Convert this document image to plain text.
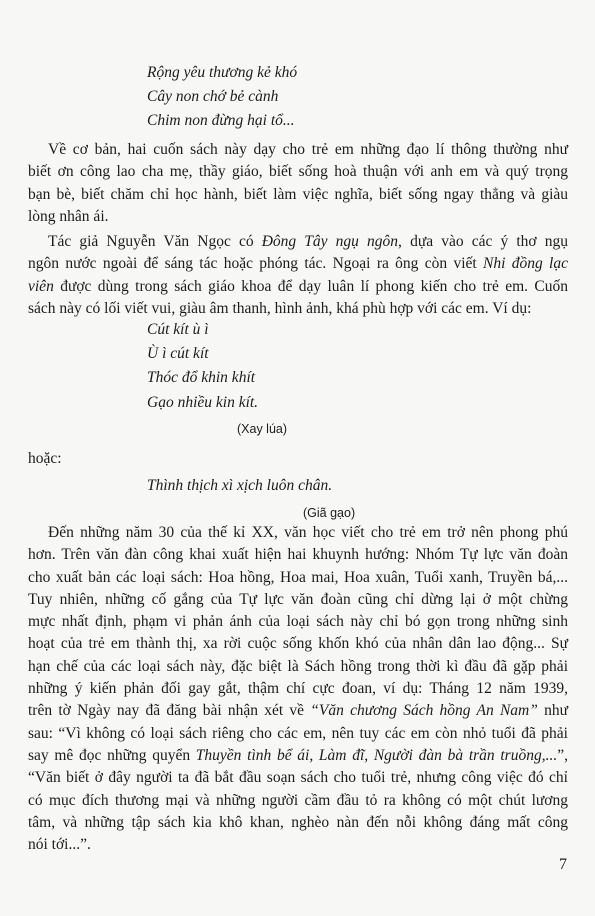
Rộng yêu thương kẻ khó
Cây non chớ bẻ cành
Chim non đừng hại tổ...
Về cơ bản, hai cuốn sách này dạy cho trẻ em những đạo lí thông thường như
biết ơn công lao cha mẹ, thầy giáo, biết sống hoà thuận với anh em và quý trọng
bạn bè, biết chăm chỉ học hành, biết làm việc nghĩa, biết sống ngay thẳng và giàu
lòng nhân ái.
Tác giả Nguyễn Văn Ngọc có Đông Tây ngụ ngôn, dựa vào các ý thơ ngụ
ngôn nước ngoài để sáng tác hoặc phóng tác. Ngoại ra ông còn viết Nhi đồng lạc
viên được dùng trong sách giáo khoa để dạy luân lí phong kiến cho trẻ em. Cuốn
sách này có lối viết vui, giàu âm thanh, hình ảnh, khá phù hợp với các em. Ví dụ:
Cút kít ù ì
Ù ì cút kít
Thóc đổ khin khít
Gạo nhiều kin kít.
(Xay lúa)
hoặc:
Thình thịch xì xịch luôn chân.
(Giã gạo)
Đến những năm 30 của thế kỉ XX, văn học viết cho trẻ em trở nên phong phú
hơn. Trên văn đàn công khai xuất hiện hai khuynh hướng: Nhóm Tự lực văn đoàn
cho xuất bản các loại sách: Hoa hồng, Hoa mai, Hoa xuân, Tuổi xanh, Truyền bá,...
Tuy nhiên, những cố gắng của Tự lực văn đoàn cũng chỉ dừng lại ở một chừng
mực nhất định, phạm vi phản ánh của loại sách này chỉ bó gọn trong những sinh
hoạt của trẻ em thành thị, xa rời cuộc sống khốn khó của nhân dân lao động... Sự
hạn chế của các loại sách này, đặc biệt là Sách hồng trong thời kì đầu đã gặp phải
những ý kiến phản đối gay gắt, thậm chí cực đoan, ví dụ: Tháng 12 năm 1939,
trên tờ Ngày nay đã đăng bài nhận xét về “Văn chương Sách hồng An Nam” như
sau: “Vì không có loại sách riêng cho các em, nên tuy các em còn nhỏ tuổi đã phải
say mê đọc những quyển Thuyền tình bể ái, Làm đĩ, Người đàn bà trần truồng,...”,
“Văn biết ở đây người ta đã bắt đầu soạn sách cho tuổi trẻ, nhưng công việc đó chỉ
có mục đích thương mại và những người cầm đầu tỏ ra không có một chút lương
tâm, và những tập sách kia khô khan, nghèo nàn đến nỗi không đáng mất công
nói tới...”.
7
